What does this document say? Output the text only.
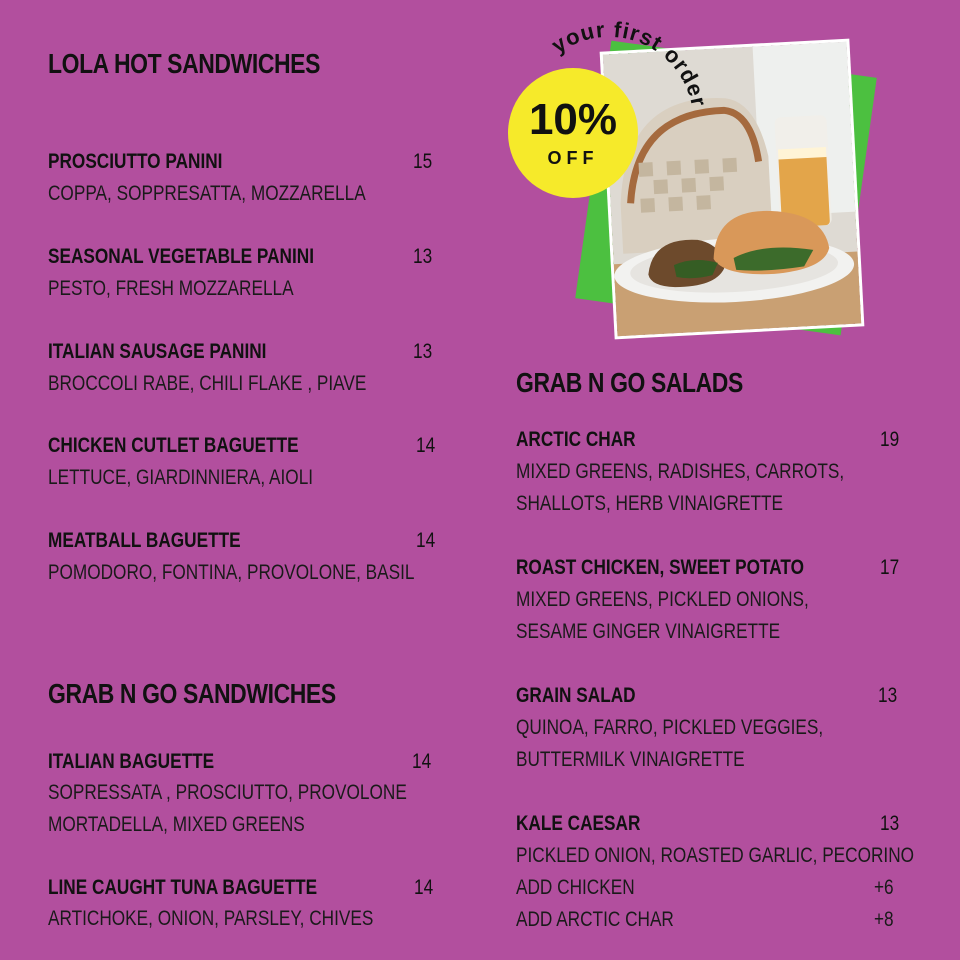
10%
OFF
your first order
LOLA HOT SANDWICHES
PROSCIUTTO PANINI	15
COPPA, SOPPRESATTA, MOZZARELLA
SEASONAL VEGETABLE PANINI	13
PESTO, FRESH MOZZARELLA
ITALIAN SAUSAGE PANINI	13
BROCCOLI RABE, CHILI FLAKE , PIAVE
CHICKEN CUTLET BAGUETTE	14
LETTUCE, GIARDINNIERA, AIOLI
MEATBALL BAGUETTE	14
POMODORO, FONTINA, PROVOLONE, BASIL
GRAB N GO SANDWICHES
ITALIAN BAGUETTE	14
SOPRESSATA , PROSCIUTTO, PROVOLONE
MORTADELLA, MIXED GREENS
LINE CAUGHT TUNA BAGUETTE	14
ARTICHOKE, ONION, PARSLEY, CHIVES
GRAB N GO SALADS
ARCTIC CHAR	19
MIXED GREENS, RADISHES, CARROTS,
SHALLOTS, HERB VINAIGRETTE
ROAST CHICKEN, SWEET POTATO	17
MIXED GREENS, PICKLED ONIONS,
SESAME GINGER VINAIGRETTE
GRAIN SALAD	13
QUINOA, FARRO, PICKLED VEGGIES,
BUTTERMILK VINAIGRETTE
KALE CAESAR	13
PICKLED ONION, ROASTED GARLIC, PECORINO
ADD CHICKEN	+6
ADD ARCTIC CHAR	+8
